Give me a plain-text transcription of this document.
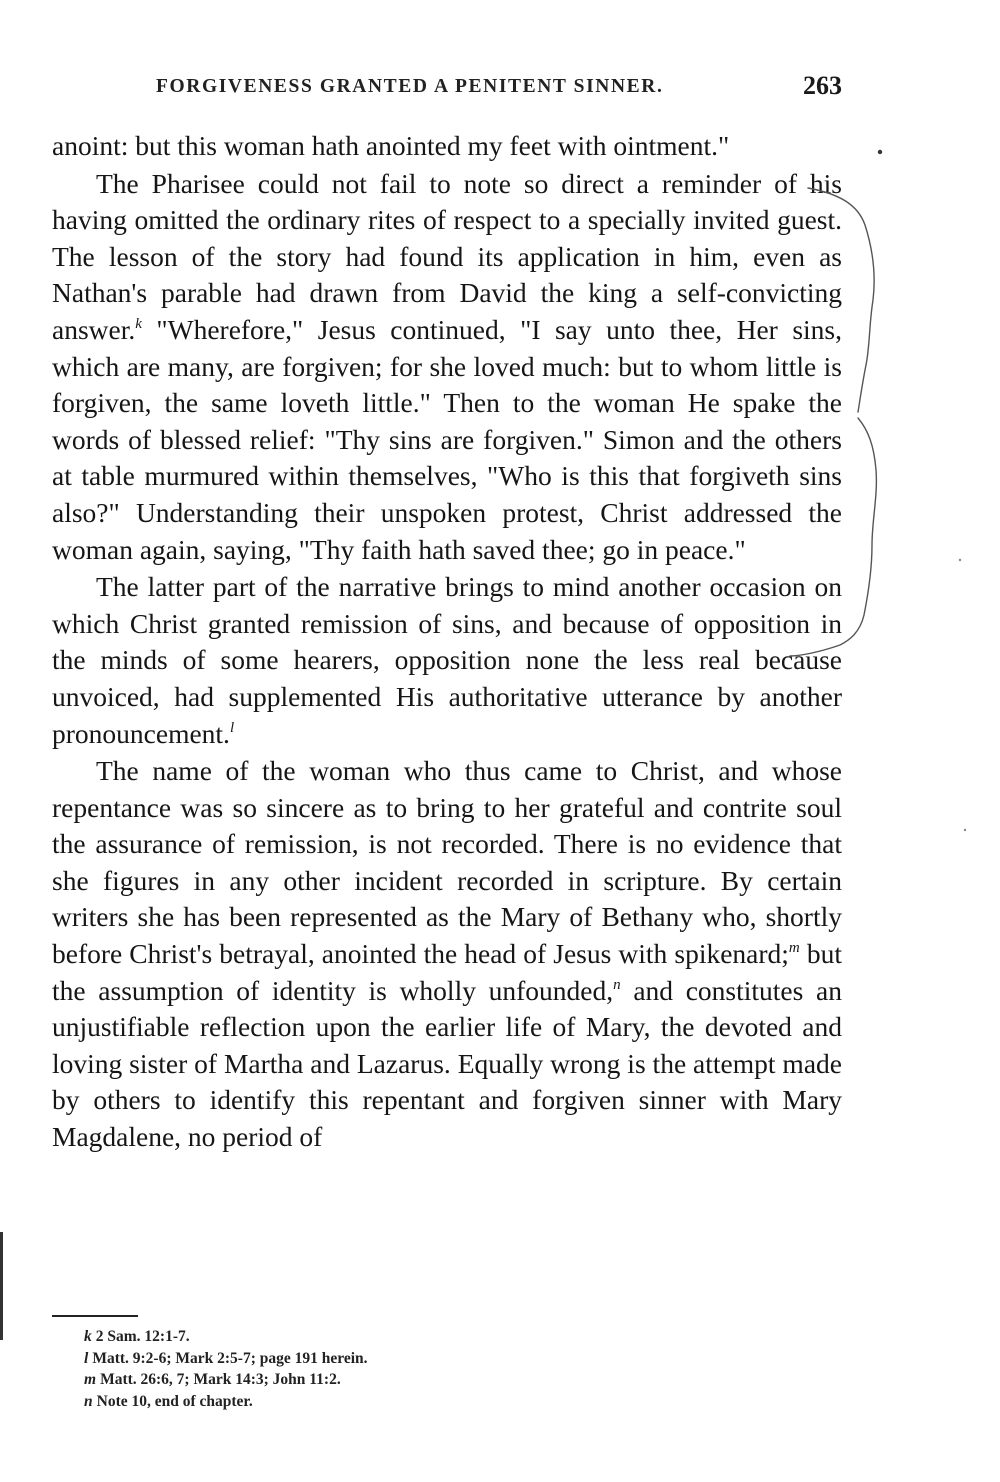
FORGIVENESS GRANTED A PENITENT SINNER.	263

anoint: but this woman hath anointed my feet with ointment."

The Pharisee could not fail to note so direct a reminder of his having omitted the ordinary rites of respect to a specially invited guest. The lesson of the story had found its application in him, even as Nathan's parable had drawn from David the king a self-convicting answer.$^k$ "Wherefore," Jesus continued, "I say unto thee, Her sins, which are many, are forgiven; for she loved much: but to whom little is forgiven, the same loveth little." Then to the woman He spake the words of blessed relief: "Thy sins are forgiven." Simon and the others at table murmured within themselves, "Who is this that forgiveth sins also?" Understanding their unspoken protest, Christ addressed the woman again, saying, "Thy faith hath saved thee; go in peace."

The latter part of the narrative brings to mind another occasion on which Christ granted remission of sins, and because of opposition in the minds of some hearers, opposition none the less real because unvoiced, had supplemented His authoritative utterance by another pronouncement.$^l$

The name of the woman who thus came to Christ, and whose repentance was so sincere as to bring to her grateful and contrite soul the assurance of remission, is not recorded. There is no evidence that she figures in any other incident recorded in scripture. By certain writers she has been represented as the Mary of Bethany who, shortly before Christ's betrayal, anointed the head of Jesus with spikenard;$^m$ but the assumption of identity is wholly unfounded,$^n$ and constitutes an unjustifiable reflection upon the earlier life of Mary, the devoted and loving sister of Martha and Lazarus. Equally wrong is the attempt made by others to identify this repentant and forgiven sinner with Mary Magdalene, no period of

k 2 Sam. 12:1-7.
l Matt. 9:2-6; Mark 2:5-7; page 191 herein.
m Matt. 26:6, 7; Mark 14:3; John 11:2.
n Note 10, end of chapter.
